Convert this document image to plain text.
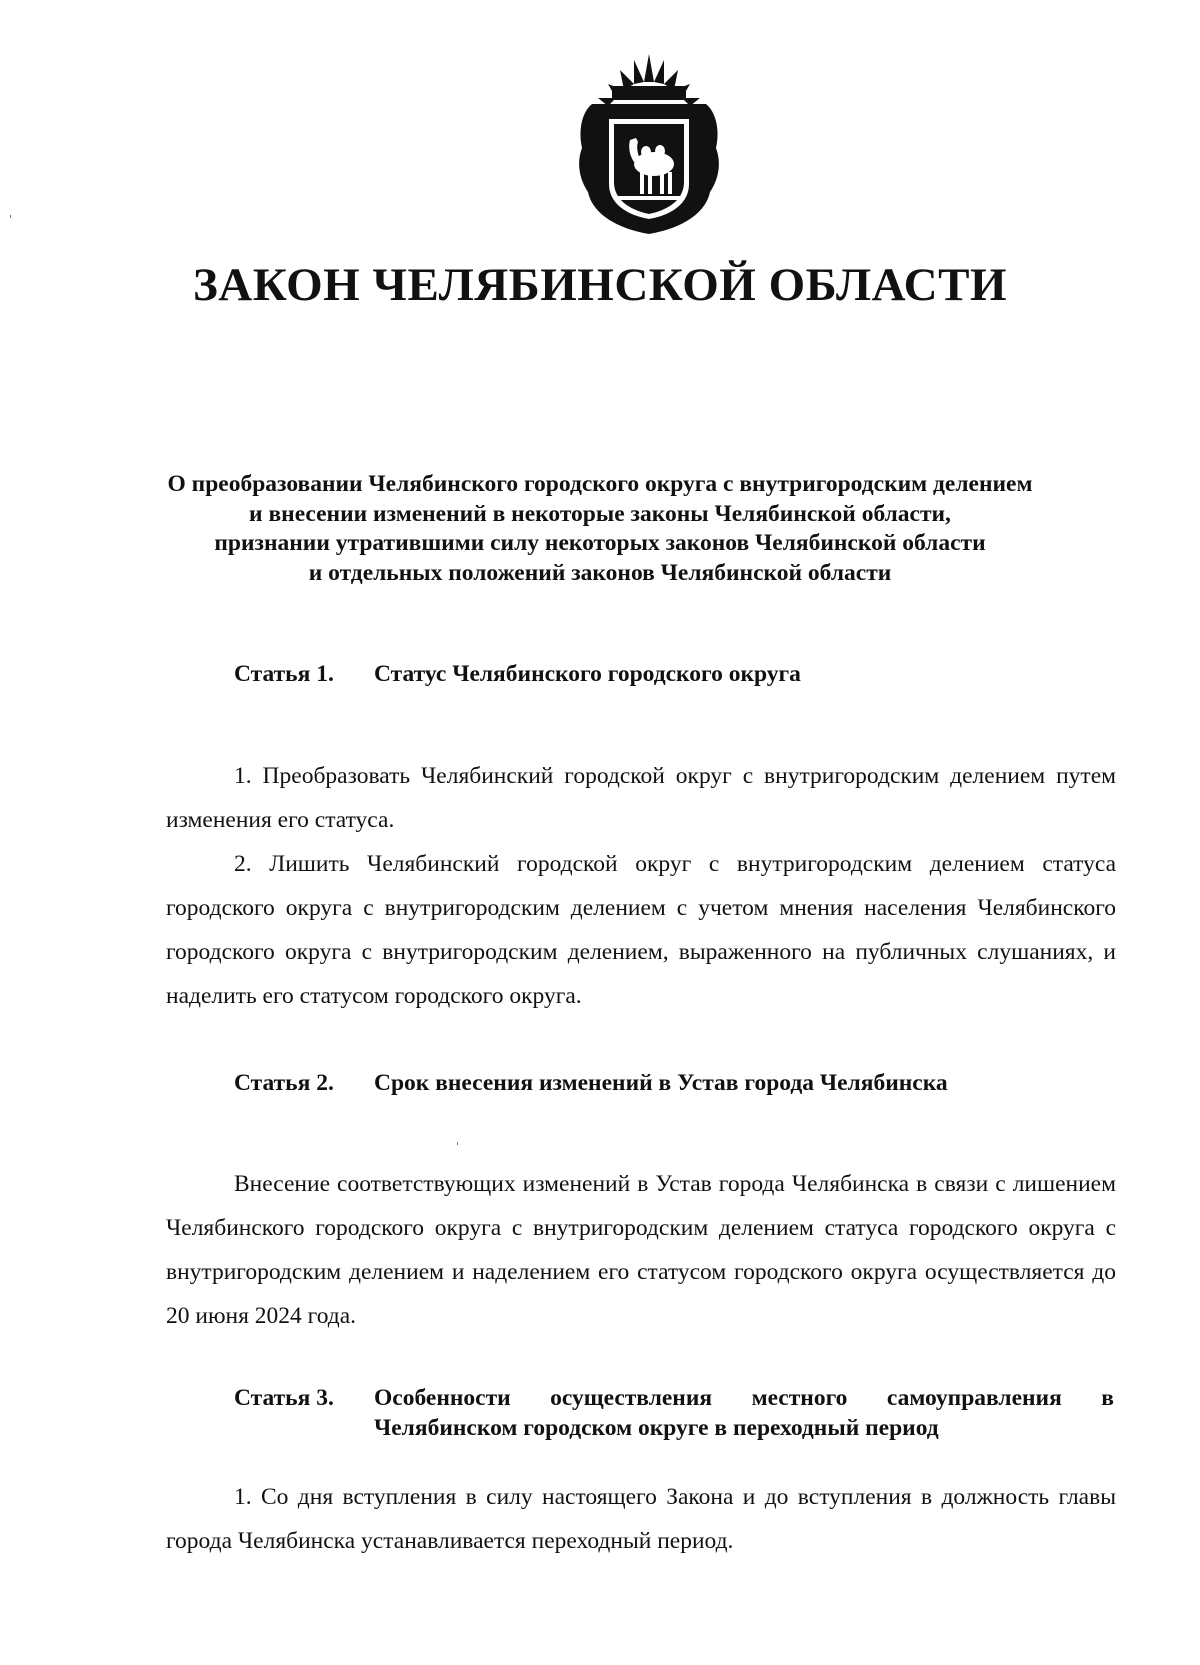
ЗАКОН ЧЕЛЯБИНСКОЙ ОБЛАСТИ
О преобразовании Челябинского городского округа с внутригородским делением
и внесении изменений в некоторые законы Челябинской области,
признании утратившими силу некоторых законов Челябинской области
и отдельных положений законов Челябинской области
Статья 1.	Статус Челябинского городского округа

1. Преобразовать Челябинский городской округ с внутригородским делением путем изменения его статуса.

2. Лишить Челябинский городской округ с внутригородским делением статуса городского округа с внутригородским делением с учетом мнения населения Челябинского городского округа с внутригородским делением, выраженного на публичных слушаниях, и наделить его статусом городского округа.

Статья 2.	Срок внесения изменений в Устав города Челябинска

Внесение соответствующих изменений в Устав города Челябинска в связи с лишением Челябинского городского округа с внутригородским делением статуса городского округа с внутригородским делением и наделением его статусом городского округа осуществляется до 20 июня 2024 года.

Статья 3.	Особенности осуществления местного самоуправления в Челябинском городском округе в переходный период

1. Со дня вступления в силу настоящего Закона и до вступления в должность главы города Челябинска устанавливается переходный период.
